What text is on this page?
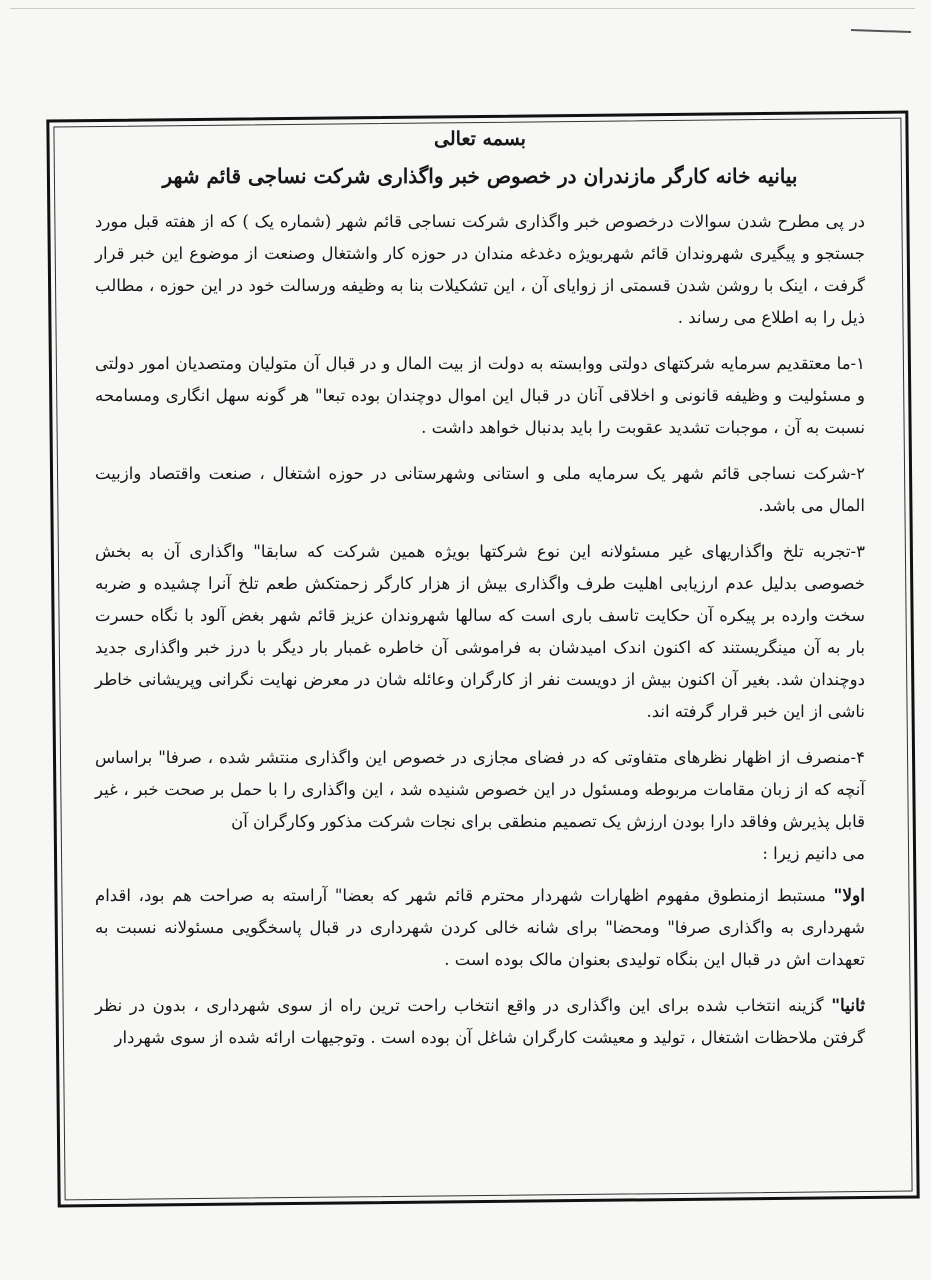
بسمه تعالی
بیانیه خانه کارگر مازندران در خصوص خبر واگذاری شرکت نساجی قائم شهر

در پی مطرح شدن سوالات درخصوص خبر واگذاری شرکت نساجی قائم شهر (شماره یک ) که از هفته قبل مورد جستجو و پیگیری شهروندان قائم شهربویژه دغدغه مندان در حوزه کار واشتغال وصنعت از موضوع این خبر قرار گرفت ، اینک با روشن شدن قسمتی از زوایای آن ، این تشکیلات بنا به وظیفه ورسالت خود در این حوزه ، مطالب ذیل را به اطلاع می رساند .

۱-ما معتقدیم سرمایه شرکتهای دولتی ووابسته به دولت از بیت المال و در قبال آن متولیان ومتصدیان امور دولتی و مسئولیت و وظیفه قانونی و اخلاقی آنان در قبال این اموال دوچندان بوده تبعا" هر گونه سهل انگاری ومسامحه نسبت به آن ، موجبات تشدید عقوبت را باید بدنبال خواهد داشت .

۲-شرکت نساجی قائم شهر یک سرمایه ملی و استانی وشهرستانی در حوزه اشتغال ، صنعت واقتصاد وازبیت المال می باشد.

۳-تجربه تلخ واگذاریهای غیر مسئولانه این نوع شرکتها بویژه همین شرکت که سابقا" واگذاری آن به بخش خصوصی بدلیل عدم ارزیابی اهلیت طرف واگذاری بیش از هزار کارگر زحمتکش طعم تلخ آنرا چشیده و ضربه سخت وارده بر پیکره آن حکایت تاسف باری است که سالها شهروندان عزیز قائم شهر بغض آلود با نگاه حسرت بار به آن مینگریستند که اکنون اندک امیدشان به فراموشی آن خاطره غمبار بار دیگر با درز خبر واگذاری جدید دوچندان شد. بغیر آن اکنون بیش از دویست نفر از کارگران وعائله شان در معرض نهایت نگرانی وپریشانی خاطر ناشی از این خبر قرار گرفته اند.

۴-منصرف از اظهار نظرهای متفاوتی که در فضای مجازی در خصوص این واگذاری منتشر شده ، صرفا" براساس آنچه که از زبان مقامات مربوطه ومسئول در این خصوص شنیده شد ، این واگذاری را با حمل بر صحت خبر ، غیر قابل پذیرش وفاقد دارا بودن ارزش یک تصمیم منطقی برای نجات شرکت مذکور وکارگران آن
می دانیم زیرا :

اولا" مستبط ازمنطوق مفهوم اظهارات شهردار محترم قائم شهر که بعضا" آراسته به صراحت هم بود، اقدام شهرداری به واگذاری صرفا" ومحضا" برای شانه خالی کردن شهرداری در قبال پاسخگویی مسئولانه نسبت به تعهدات اش در قبال این بنگاه تولیدی بعنوان مالک بوده است .

ثانیا" گزینه انتخاب شده برای این واگذاری در واقع انتخاب راحت ترین راه از سوی شهرداری ، بدون در نظر گرفتن ملاحظات اشتغال ، تولید و معیشت کارگران شاغل آن بوده است . وتوجیهات ارائه شده از سوی شهردار
